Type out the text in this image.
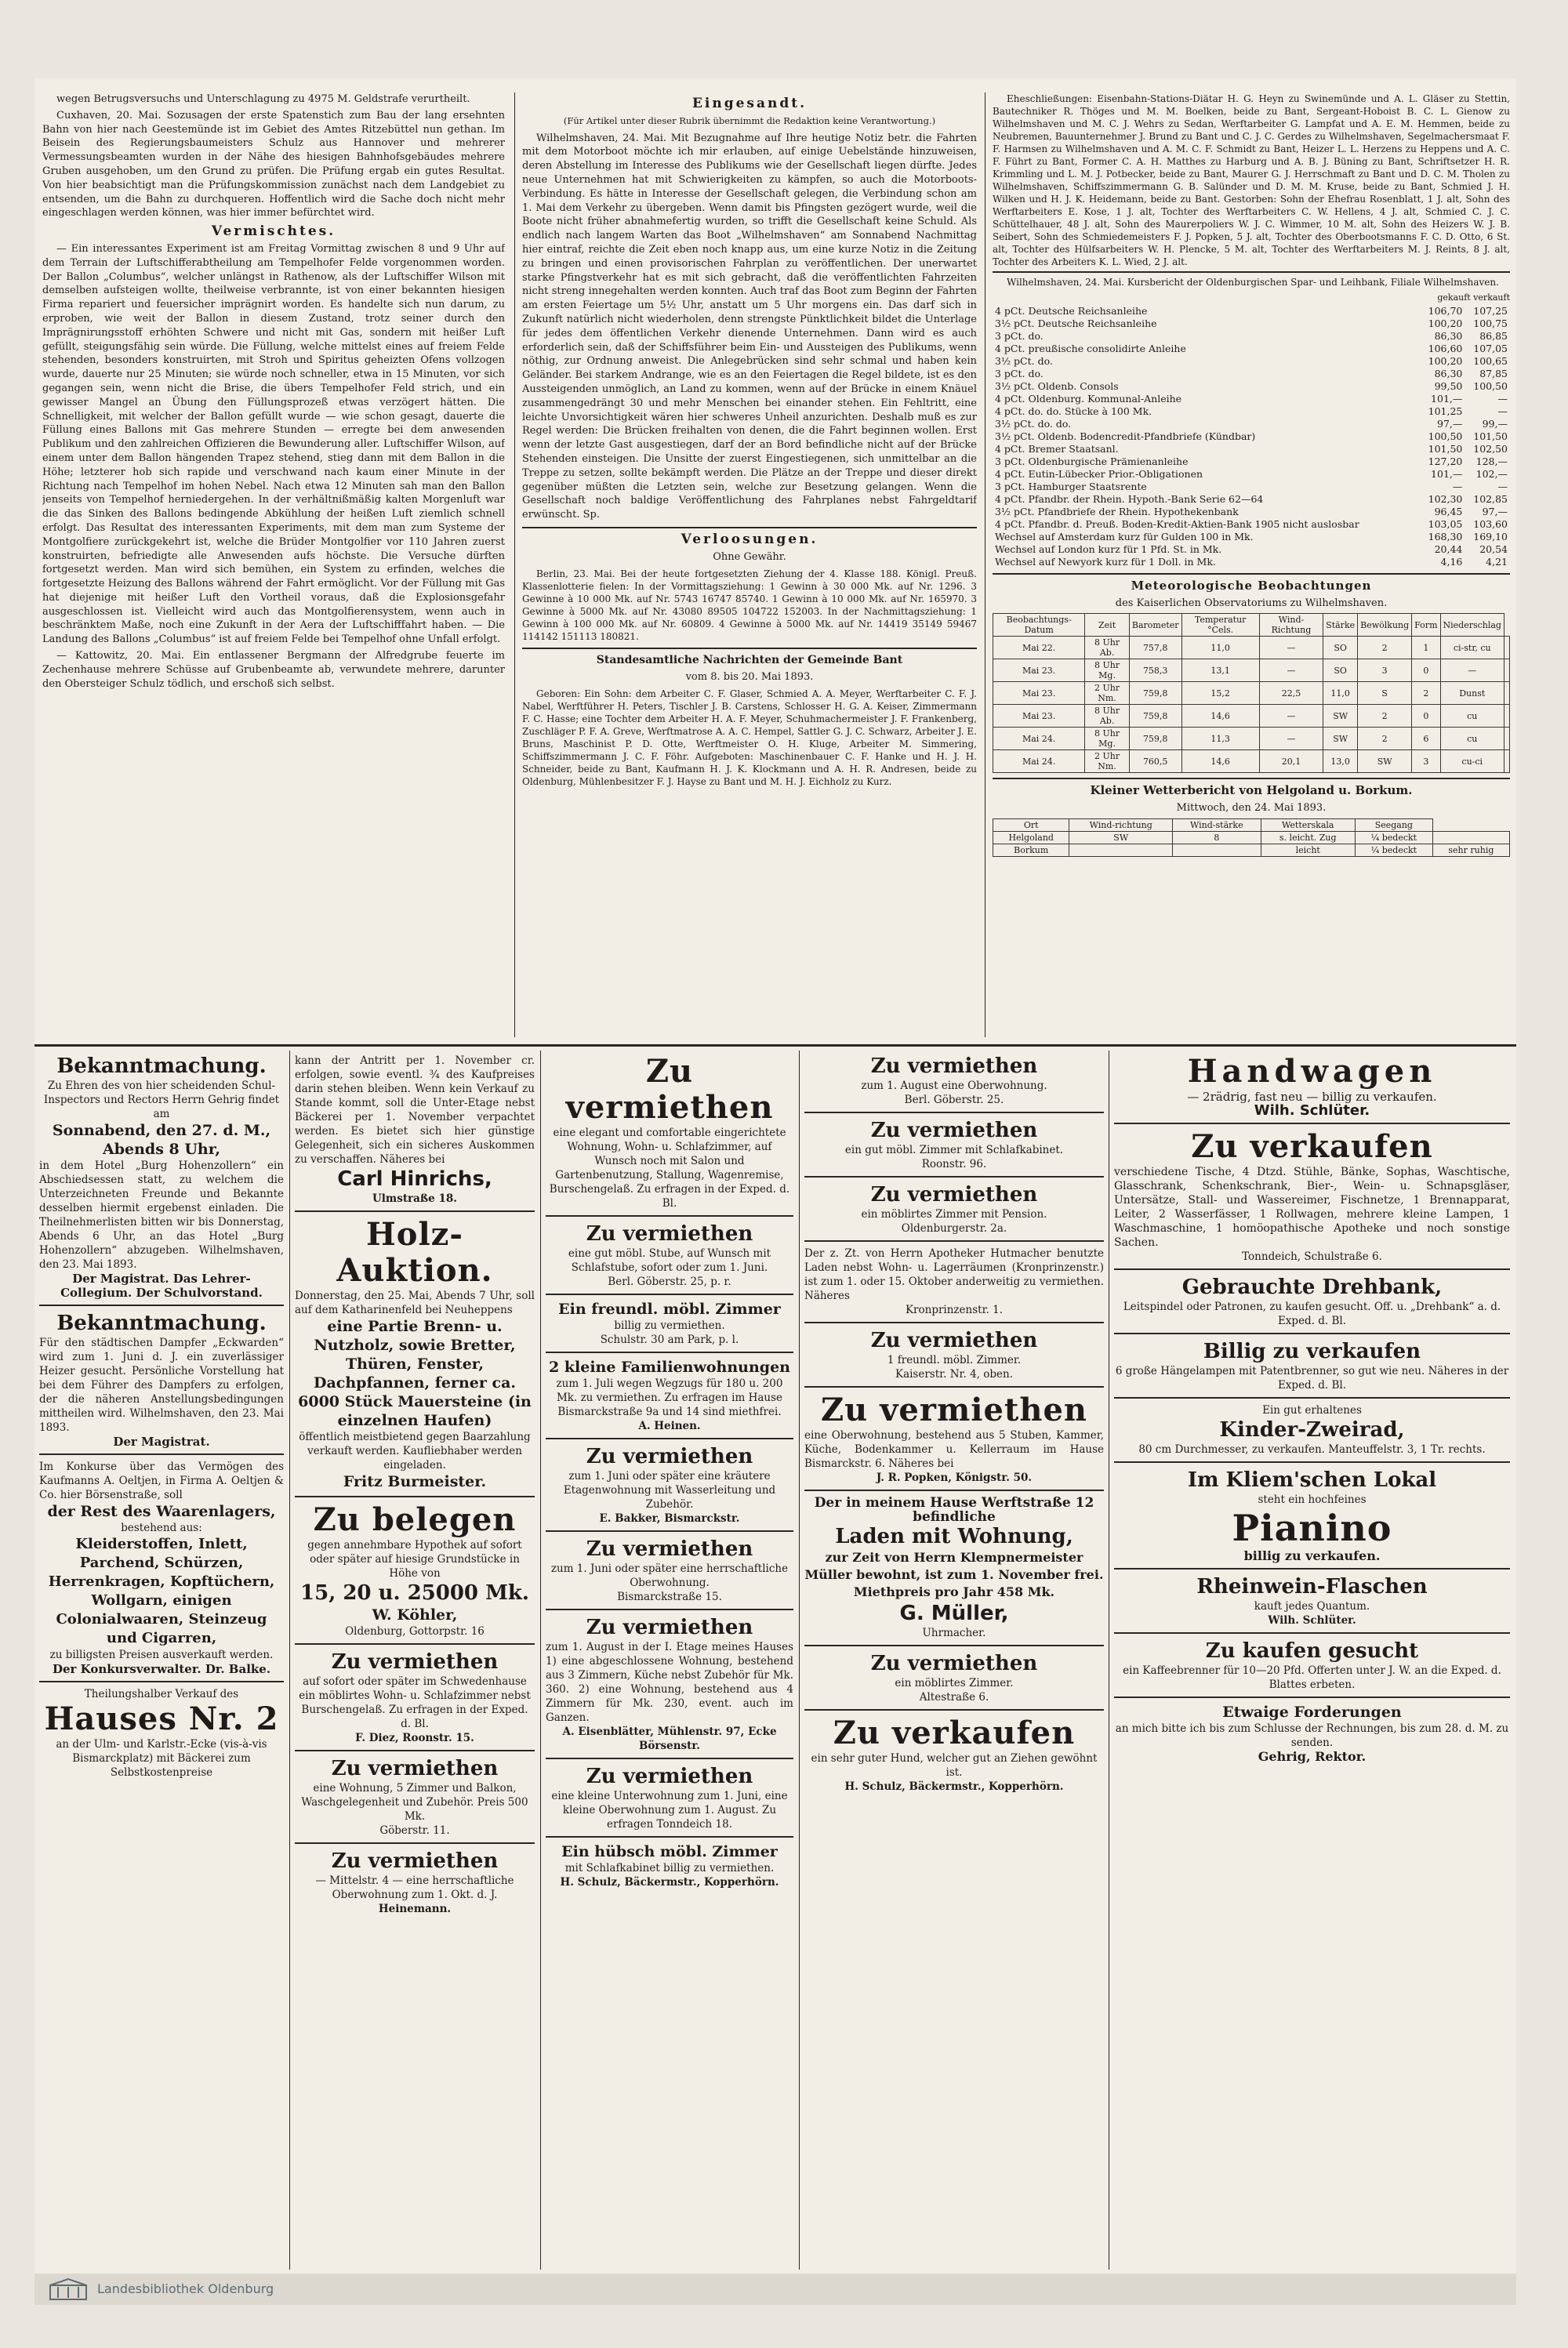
wegen Betrugsversuchs und Unterschlagung zu 4975 M. Geldstrafe verurtheilt.

Cuxhaven, 20. Mai. Sozusagen der erste Spatenstich zum Bau der lang ersehnten Bahn von hier nach Geestemünde ist im Gebiet des Amtes Ritzebüttel nun gethan. Im Beisein des Regierungsbaumeisters Schulz aus Hannover und mehrerer Vermessungsbeamten wurden in der Nähe des hiesigen Bahnhofsgebäudes mehrere Gruben ausgehoben, um den Grund zu prüfen. Die Prüfung ergab ein gutes Resultat. Von hier beabsichtigt man die Prüfungskommission zunächst nach dem Landgebiet zu entsenden, um die Bahn zu durchqueren. Hoffentlich wird die Sache doch nicht mehr eingeschlagen werden können, was hier immer befürchtet wird.

Vermischtes.

— Ein interessantes Experiment ist am Freitag Vormittag zwischen 8 und 9 Uhr auf dem Terrain der Luftschifferabtheilung am Tempelhofer Felde vorgenommen worden. Der Ballon „Columbus“, welcher unlängst in Rathenow, als der Luftschiffer Wilson mit demselben aufsteigen wollte, theilweise verbrannte, ist von einer bekannten hiesigen Firma repariert und feuersicher imprägnirt worden. Es handelte sich nun darum, zu erproben, wie weit der Ballon in diesem Zustand, trotz seiner durch den Imprägnirungsstoff erhöhten Schwere und nicht mit Gas, sondern mit heißer Luft gefüllt, steigungsfähig sein würde. Die Füllung, welche mittelst eines auf freiem Felde stehenden, besonders konstruirten, mit Stroh und Spiritus geheizten Ofens vollzogen wurde, dauerte nur 25 Minuten; sie würde noch schneller, etwa in 15 Minuten, vor sich gegangen sein, wenn nicht die Brise, die übers Tempelhofer Feld strich, und ein gewisser Mangel an Übung den Füllungsprozeß etwas verzögert hätten. Die Schnelligkeit, mit welcher der Ballon gefüllt wurde — wie schon gesagt, dauerte die Füllung eines Ballons mit Gas mehrere Stunden — erregte bei dem anwesenden Publikum und den zahlreichen Offizieren die Bewunderung aller. Luftschiffer Wilson, auf einem unter dem Ballon hängenden Trapez stehend, stieg dann mit dem Ballon in die Höhe; letzterer hob sich rapide und verschwand nach kaum einer Minute in der Richtung nach Tempelhof im hohen Nebel. Nach etwa 12 Minuten sah man den Ballon jenseits von Tempelhof herniedergehen. In der verhältnißmäßig kalten Morgenluft war die das Sinken des Ballons bedingende Abkühlung der heißen Luft ziemlich schnell erfolgt. Das Resultat des interessanten Experiments, mit dem man zum Systeme der Montgolfiere zurückgekehrt ist, welche die Brüder Montgolfier vor 110 Jahren zuerst konstruirten, befriedigte alle Anwesenden aufs höchste. Die Versuche dürften fortgesetzt werden. Man wird sich bemühen, ein System zu erfinden, welches die fortgesetzte Heizung des Ballons während der Fahrt ermöglicht. Vor der Füllung mit Gas hat diejenige mit heißer Luft den Vortheil voraus, daß die Explosionsgefahr ausgeschlossen ist. Vielleicht wird auch das Montgolfierensystem, wenn auch in beschränktem Maße, noch eine Zukunft in der Aera der Luftschifffahrt haben. — Die Landung des Ballons „Columbus“ ist auf freiem Felde bei Tempelhof ohne Unfall erfolgt.

— Kattowitz, 20. Mai. Ein entlassener Bergmann der Alfredgrube feuerte im Zechenhause mehrere Schüsse auf Grubenbeamte ab, verwundete mehrere, darunter den Obersteiger Schulz tödlich, und erschoß sich selbst.

Eingesandt.
(Für Artikel unter dieser Rubrik übernimmt die Redaktion keine Verantwortung.)

Wilhelmshaven, 24. Mai. Mit Bezugnahme auf Ihre heutige Notiz betr. die Fahrten mit dem Motorboot möchte ich mir erlauben, auf einige Uebelstände hinzuweisen, deren Abstellung im Interesse des Publikums wie der Gesellschaft liegen dürfte. Jedes neue Unternehmen hat mit Schwierigkeiten zu kämpfen, so auch die Motorboots-Verbindung. Es hätte in Interesse der Gesellschaft gelegen, die Verbindung schon am 1. Mai dem Verkehr zu übergeben. Wenn damit bis Pfingsten gezögert wurde, weil die Boote nicht früher abnahmefertig wurden, so trifft die Gesellschaft keine Schuld. Als endlich nach langem Warten das Boot „Wilhelmshaven“ am Sonnabend Nachmittag hier eintraf, reichte die Zeit eben noch knapp aus, um eine kurze Notiz in die Zeitung zu bringen und einen provisorischen Fahrplan zu veröffentlichen. Der unerwartet starke Pfingstverkehr hat es mit sich gebracht, daß die veröffentlichten Fahrzeiten nicht streng innegehalten werden konnten. Auch traf das Boot zum Beginn der Fahrten am ersten Feiertage um 5½ Uhr, anstatt um 5 Uhr morgens ein. Das darf sich in Zukunft natürlich nicht wiederholen, denn strengste Pünktlichkeit bildet die Unterlage für jedes dem öffentlichen Verkehr dienende Unternehmen. Dann wird es auch erforderlich sein, daß der Schiffsführer beim Ein- und Aussteigen des Publikums, wenn nöthig, zur Ordnung anweist. Die Anlegebrücken sind sehr schmal und haben kein Geländer. Bei starkem Andrange, wie es an den Feiertagen die Regel bildete, ist es den Aussteigenden unmöglich, an Land zu kommen, wenn auf der Brücke in einem Knäuel zusammengedrängt 30 und mehr Menschen bei einander stehen. Ein Fehltritt, eine leichte Unvorsichtigkeit wären hier schweres Unheil anzurichten. Deshalb muß es zur Regel werden: Die Brücken freihalten von denen, die die Fahrt beginnen wollen. Erst wenn der letzte Gast ausgestiegen, darf der an Bord befindliche nicht auf der Brücke Stehenden einsteigen. Die Unsitte der zuerst Eingestiegenen, sich unmittelbar an die Treppe zu setzen, sollte bekämpft werden. Die Plätze an der Treppe und dieser direkt gegenüber müßten die Letzten sein, welche zur Besetzung gelangen. Wenn die Gesellschaft noch baldige Veröffentlichung des Fahrplanes nebst Fahrgeldtarif erwünscht. Sp.

Verloosungen.
Ohne Gewähr.

Berlin, 23. Mai. Bei der heute fortgesetzten Ziehung der 4. Klasse 188. Königl. Preuß. Klassenlotterie fielen: In der Vormittagsziehung: 1 Gewinn à 30 000 Mk. auf Nr. 1296. 3 Gewinne à 10 000 Mk. auf Nr. 5743 16747 85740. 1 Gewinn à 10 000 Mk. auf Nr. 165970. 3 Gewinne à 5000 Mk. auf Nr. 43080 89505 104722 152003. In der Nachmittagsziehung: 1 Gewinn à 100 000 Mk. auf Nr. 60809. 4 Gewinne à 5000 Mk. auf Nr. 14419 35149 59467 114142 151113 180821.

Standesamtliche Nachrichten der Gemeinde Bant
vom 8. bis 20. Mai 1893.

Geboren: Ein Sohn: dem Arbeiter C. F. Glaser, Schmied A. A. Meyer, Werftarbeiter C. F. J. Nabel, Werftführer H. Peters, Tischler J. B. Carstens, Schlosser H. G. A. Keiser, Zimmermann F. C. Hasse; eine Tochter dem Arbeiter H. A. F. Meyer, Schuhmachermeister J. F. Frankenberg, Zuschläger P. F. A. Greve, Werftmatrose A. A. C. Hempel, Sattler G. J. C. Schwarz, Arbeiter J. E. Bruns, Maschinist P. D. Otte, Werftmeister O. H. Kluge, Arbeiter M. Simmering, Schiffszimmermann J. C. F. Föhr. Aufgeboten: Maschinenbauer C. F. Hanke und H. J. H. Schneider, beide zu Bant, Kaufmann H. J. K. Klockmann und A. H. R. Andresen, beide zu Oldenburg, Mühlenbesitzer F. J. Hayse zu Bant und M. H. J. Eichholz zu Kurz.

Eheschließungen: Eisenbahn-Stations-Diätar H. G. Heyn zu Swinemünde und A. L. Gläser zu Stettin, Bautechniker R. Thöges und M. M. Boelken, beide zu Bant, Sergeant-Hoboist B. C. L. Gienow zu Wilhelmshaven und M. C. J. Wehrs zu Sedan, Werftarbeiter G. Lampfat und A. E. M. Hemmen, beide zu Neubremen, Bauunternehmer J. Brund zu Bant und C. J. C. Gerdes zu Wilhelmshaven, Segelmachersmaat F. F. Harmsen zu Wilhelmshaven und A. M. C. F. Schmidt zu Bant, Heizer L. L. Herzens zu Heppens und A. C. F. Führt zu Bant, Former C. A. H. Matthes zu Harburg und A. B. J. Büning zu Bant, Schriftsetzer H. R. Krimmling und L. M. J. Potbecker, beide zu Bant, Maurer G. J. Herrschmaft zu Bant und D. C. M. Tholen zu Wilhelmshaven, Schiffszimmermann G. B. Salünder und D. M. M. Kruse, beide zu Bant, Schmied J. H. Wilken und H. J. K. Heidemann, beide zu Bant. Gestorben: Sohn der Ehefrau Rosenblatt, 1 J. alt, Sohn des Werftarbeiters E. Kose, 1 J. alt, Tochter des Werftarbeiters C. W. Hellens, 4 J. alt, Schmied C. J. C. Schüttelhauer, 48 J. alt, Sohn des Maurerpoliers W. J. C. Wimmer, 10 M. alt, Sohn des Heizers W. J. B. Seibert, Sohn des Schmiedemeisters F. J. Popken, 5 J. alt, Tochter des Oberbootsmanns F. C. D. Otto, 6 St. alt, Tochter des Hülfsarbeiters W. H. Plencke, 5 M. alt, Tochter des Werftarbeiters M. J. Reints, 8 J. alt, Tochter des Arbeiters K. L. Wied, 2 J. alt.

Wilhelmshaven, 24. Mai. Kursbericht der Oldenburgischen Spar- und Leihbank, Filiale Wilhelmshaven.

gekauft verkauft
4 pCt. Deutsche Reichsanleihe	106,70	107,25
3½ pCt. Deutsche Reichsanleihe	100,20	100,75
3 pCt. do.	86,30	86,85
4 pCt. preußische consolidirte Anleihe	106,60	107,05
3½ pCt. do.	100,20	100,65
3 pCt. do.	86,30	87,85
3½ pCt. Oldenb. Consols	99,50	100,50
4 pCt. Oldenburg. Kommunal-Anleihe	101,—	—
4 pCt. do. do. Stücke à 100 Mk.	101,25	—
3½ pCt. do. do.	97,—	99,—
3½ pCt. Oldenb. Bodencredit-Pfandbriefe (Kündbar)	100,50	101,50
4 pCt. Bremer Staatsanl.	101,50	102,50
3 pCt. Oldenburgische Prämienanleihe	127,20	128,—
4 pCt. Eutin-Lübecker Prior.-Obligationen	101,—	102,—
3 pCt. Hamburger Staatsrente	—	—
4 pCt. Pfandbr. der Rhein. Hypoth.-Bank Serie 62—64	102,30	102,85
3½ pCt. Pfandbriefe der Rhein. Hypothekenbank	96,45	97,—
4 pCt. Pfandbr. d. Preuß. Boden-Kredit-Aktien-Bank 1905 nicht auslosbar	103,05	103,60
Wechsel auf Amsterdam kurz für Gulden 100 in Mk.	168,30	169,10
Wechsel auf London kurz für 1 Pfd. St. in Mk.	20,44	20,54
Wechsel auf Newyork kurz für 1 Doll. in Mk.	4,16	4,21
Meteorologische Beobachtungen
des Kaiserlichen Observatoriums zu Wilhelmshaven.
Beobachtungs-Datum	Zeit	Barometer	Temperatur °Cels.	Wind-Richtung	Stärke	Bewölkung	Form	Niederschlag	
Mai 22.	8 Uhr Ab.	757,8	11,0	—	SO	2	1	ci-str, cu	
Mai 23.	8 Uhr Mg.	758,3	13,1	—	SO	3	0	—	
Mai 23.	2 Uhr Nm.	759,8	15,2	22,5	11,0	S	2	Dunst	
Mai 23.	8 Uhr Ab.	759,8	14,6	—	SW	2	0	cu	
Mai 24.	8 Uhr Mg.	759,8	11,3	—	SW	2	6	cu	
Mai 24.	2 Uhr Nm.	760,5	14,6	20,1	13,0	SW	3	cu-ci	
Kleiner Wetterbericht von Helgoland u. Borkum.
Mittwoch, den 24. Mai 1893.
Ort	Wind-richtung	Wind-stärke	Wetterskala	Seegang	
Helgoland	SW	8	s. leicht. Zug	¼ bedeckt	
Borkum			leicht	¼ bedeckt	sehr ruhig
Bekanntmachung.
Zu Ehren des von hier scheidenden Schul-Inspectors und Rectors Herrn Gehrig findet am
Sonnabend, den 27. d. M., Abends 8 Uhr,
in dem Hotel „Burg Hohenzollern“ ein Abschiedsessen statt, zu welchem die Unterzeichneten Freunde und Bekannte desselben hiermit ergebenst einladen. Die Theilnehmerlisten bitten wir bis Donnerstag, Abends 6 Uhr, an das Hotel „Burg Hohenzollern“ abzugeben. Wilhelmshaven, den 23. Mai 1893.
Der Magistrat. Das Lehrer-Collegium. Der Schulvorstand.
Bekanntmachung.
Für den städtischen Dampfer „Eckwarden“ wird zum 1. Juni d. J. ein zuverlässiger Heizer gesucht. Persönliche Vorstellung hat bei dem Führer des Dampfers zu erfolgen, der die näheren Anstellungsbedingungen mittheilen wird. Wilhelmshaven, den 23. Mai 1893.
Der Magistrat.
Im Konkurse über das Vermögen des Kaufmanns A. Oeltjen, in Firma A. Oeltjen & Co. hier Börsenstraße, soll
der Rest des Waarenlagers,
bestehend aus:
Kleiderstoffen, Inlett, Parchend, Schürzen, Herrenkragen, Kopftüchern, Wollgarn, einigen Colonialwaaren, Steinzeug und Cigarren,
zu billigsten Preisen ausverkauft werden.
Der Konkursverwalter. Dr. Balke.
Theilungshalber Verkauf des
Hauses Nr. 2
an der Ulm- und Karlstr.-Ecke (vis-à-vis Bismarckplatz) mit Bäckerei zum Selbstkostenpreise
kann der Antritt per 1. November cr. erfolgen, sowie eventl. ¾ des Kaufpreises darin stehen bleiben. Wenn kein Verkauf zu Stande kommt, soll die Unter-Etage nebst Bäckerei per 1. November verpachtet werden. Es bietet sich hier günstige Gelegenheit, sich ein sicheres Auskommen zu verschaffen. Näheres bei
Carl Hinrichs,
Ulmstraße 18.
Holz-Auktion.
Donnerstag, den 25. Mai, Abends 7 Uhr, soll auf dem Katharinenfeld bei Neuheppens
eine Partie Brenn- u. Nutzholz, sowie Bretter, Thüren, Fenster, Dachpfannen, ferner ca. 6000 Stück Mauersteine (in einzelnen Haufen)
öffentlich meistbietend gegen Baarzahlung verkauft werden. Kaufliebhaber werden eingeladen.
Fritz Burmeister.
Zu belegen
gegen annehmbare Hypothek auf sofort oder später auf hiesige Grundstücke in Höhe von
15, 20 u. 25000 Mk.
W. Köhler,
Oldenburg, Gottorpstr. 16
Zu vermiethen
auf sofort oder später im Schwedenhause ein möblirtes Wohn- u. Schlafzimmer nebst Burschengelaß. Zu erfragen in der Exped. d. Bl.
F. Diez, Roonstr. 15.
Zu vermiethen
eine Wohnung, 5 Zimmer und Balkon, Waschgelegenheit und Zubehör. Preis 500 Mk.
Göberstr. 11.
Zu vermiethen
— Mittelstr. 4 — eine herrschaftliche Oberwohnung zum 1. Okt. d. J.
Heinemann.
Zu vermiethen
eine elegant und comfortable eingerichtete Wohnung, Wohn- u. Schlafzimmer, auf Wunsch noch mit Salon und Gartenbenutzung, Stallung, Wagenremise, Burschengelaß. Zu erfragen in der Exped. d. Bl.
Zu vermiethen
eine gut möbl. Stube, auf Wunsch mit Schlafstube, sofort oder zum 1. Juni.
Berl. Göberstr. 25, p. r.
Ein freundl. möbl. Zimmer
billig zu vermiethen.
Schulstr. 30 am Park, p. l.
2 kleine Familienwohnungen
zum 1. Juli wegen Wegzugs für 180 u. 200 Mk. zu vermiethen. Zu erfragen im Hause Bismarckstraße 9a und 14 sind miethfrei.
A. Heinen.
Zu vermiethen
zum 1. Juni oder später eine kräutere Etagenwohnung mit Wasserleitung und Zubehör.
E. Bakker, Bismarckstr.
Zu vermiethen
zum 1. Juni oder später eine herrschaftliche Oberwohnung.
Bismarckstraße 15.
Zu vermiethen
zum 1. August in der I. Etage meines Hauses 1) eine abgeschlossene Wohnung, bestehend aus 3 Zimmern, Küche nebst Zubehör für Mk. 360. 2) eine Wohnung, bestehend aus 4 Zimmern für Mk. 230, event. auch im Ganzen.
A. Eisenblätter, Mühlenstr. 97, Ecke Börsenstr.
Zu vermiethen
eine kleine Unterwohnung zum 1. Juni, eine kleine Oberwohnung zum 1. August. Zu erfragen Tonndeich 18.
Ein hübsch möbl. Zimmer
mit Schlafkabinet billig zu vermiethen.
H. Schulz, Bäckermstr., Kopperhörn.
Zu vermiethen
zum 1. August eine Oberwohnung.
Berl. Göberstr. 25.
Zu vermiethen
ein gut möbl. Zimmer mit Schlafkabinet.
Roonstr. 96.
Zu vermiethen
ein möblirtes Zimmer mit Pension.
Oldenburgerstr. 2a.
Der z. Zt. von Herrn Apotheker Hutmacher benutzte Laden nebst Wohn- u. Lagerräumen (Kronprinzenstr.) ist zum 1. oder 15. Oktober anderweitig zu vermiethen. Näheres
Kronprinzenstr. 1.
Zu vermiethen
1 freundl. möbl. Zimmer.
Kaiserstr. Nr. 4, oben.
Zu vermiethen
eine Oberwohnung, bestehend aus 5 Stuben, Kammer, Küche, Bodenkammer u. Kellerraum im Hause Bismarckstr. 6. Näheres bei
J. R. Popken, Königstr. 50.
Der in meinem Hause Werftstraße 12 befindliche
Laden mit Wohnung,
zur Zeit von Herrn Klempnermeister Müller bewohnt, ist zum 1. November frei. Miethpreis pro Jahr 458 Mk.
G. Müller,
Uhrmacher.
Zu vermiethen
ein möblirtes Zimmer.
Altestraße 6.
Zu verkaufen
ein sehr guter Hund, welcher gut an Ziehen gewöhnt ist.
H. Schulz, Bäckermstr., Kopperhörn.
Handwagen
— 2rädrig, fast neu — billig zu verkaufen.
Wilh. Schlüter.
Zu verkaufen
verschiedene Tische, 4 Dtzd. Stühle, Bänke, Sophas, Waschtische, Glasschrank, Schenkschrank, Bier-, Wein- u. Schnapsgläser, Untersätze, Stall- und Wassereimer, Fischnetze, 1 Brennapparat, Leiter, 2 Wasserfässer, 1 Rollwagen, mehrere kleine Lampen, 1 Waschmaschine, 1 homöopathische Apotheke und noch sonstige Sachen.
Tonndeich, Schulstraße 6.
Gebrauchte Drehbank,
Leitspindel oder Patronen, zu kaufen gesucht. Off. u. „Drehbank“ a. d. Exped. d. Bl.
Billig zu verkaufen
6 große Hängelampen mit Patentbrenner, so gut wie neu. Näheres in der Exped. d. Bl.
Ein gut erhaltenes
Kinder-Zweirad,
80 cm Durchmesser, zu verkaufen. Manteuffelstr. 3, 1 Tr. rechts.
Im Kliem'schen Lokal
steht ein hochfeines
Pianino
billig zu verkaufen.
Rheinwein-Flaschen
kauft jedes Quantum.
Wilh. Schlüter.
Zu kaufen gesucht
ein Kaffeebrenner für 10—20 Pfd. Offerten unter J. W. an die Exped. d. Blattes erbeten.
Etwaige Forderungen
an mich bitte ich bis zum Schlusse der Rechnungen, bis zum 28. d. M. zu senden.
Gehrig, Rektor.
Landesbibliothek Oldenburg
